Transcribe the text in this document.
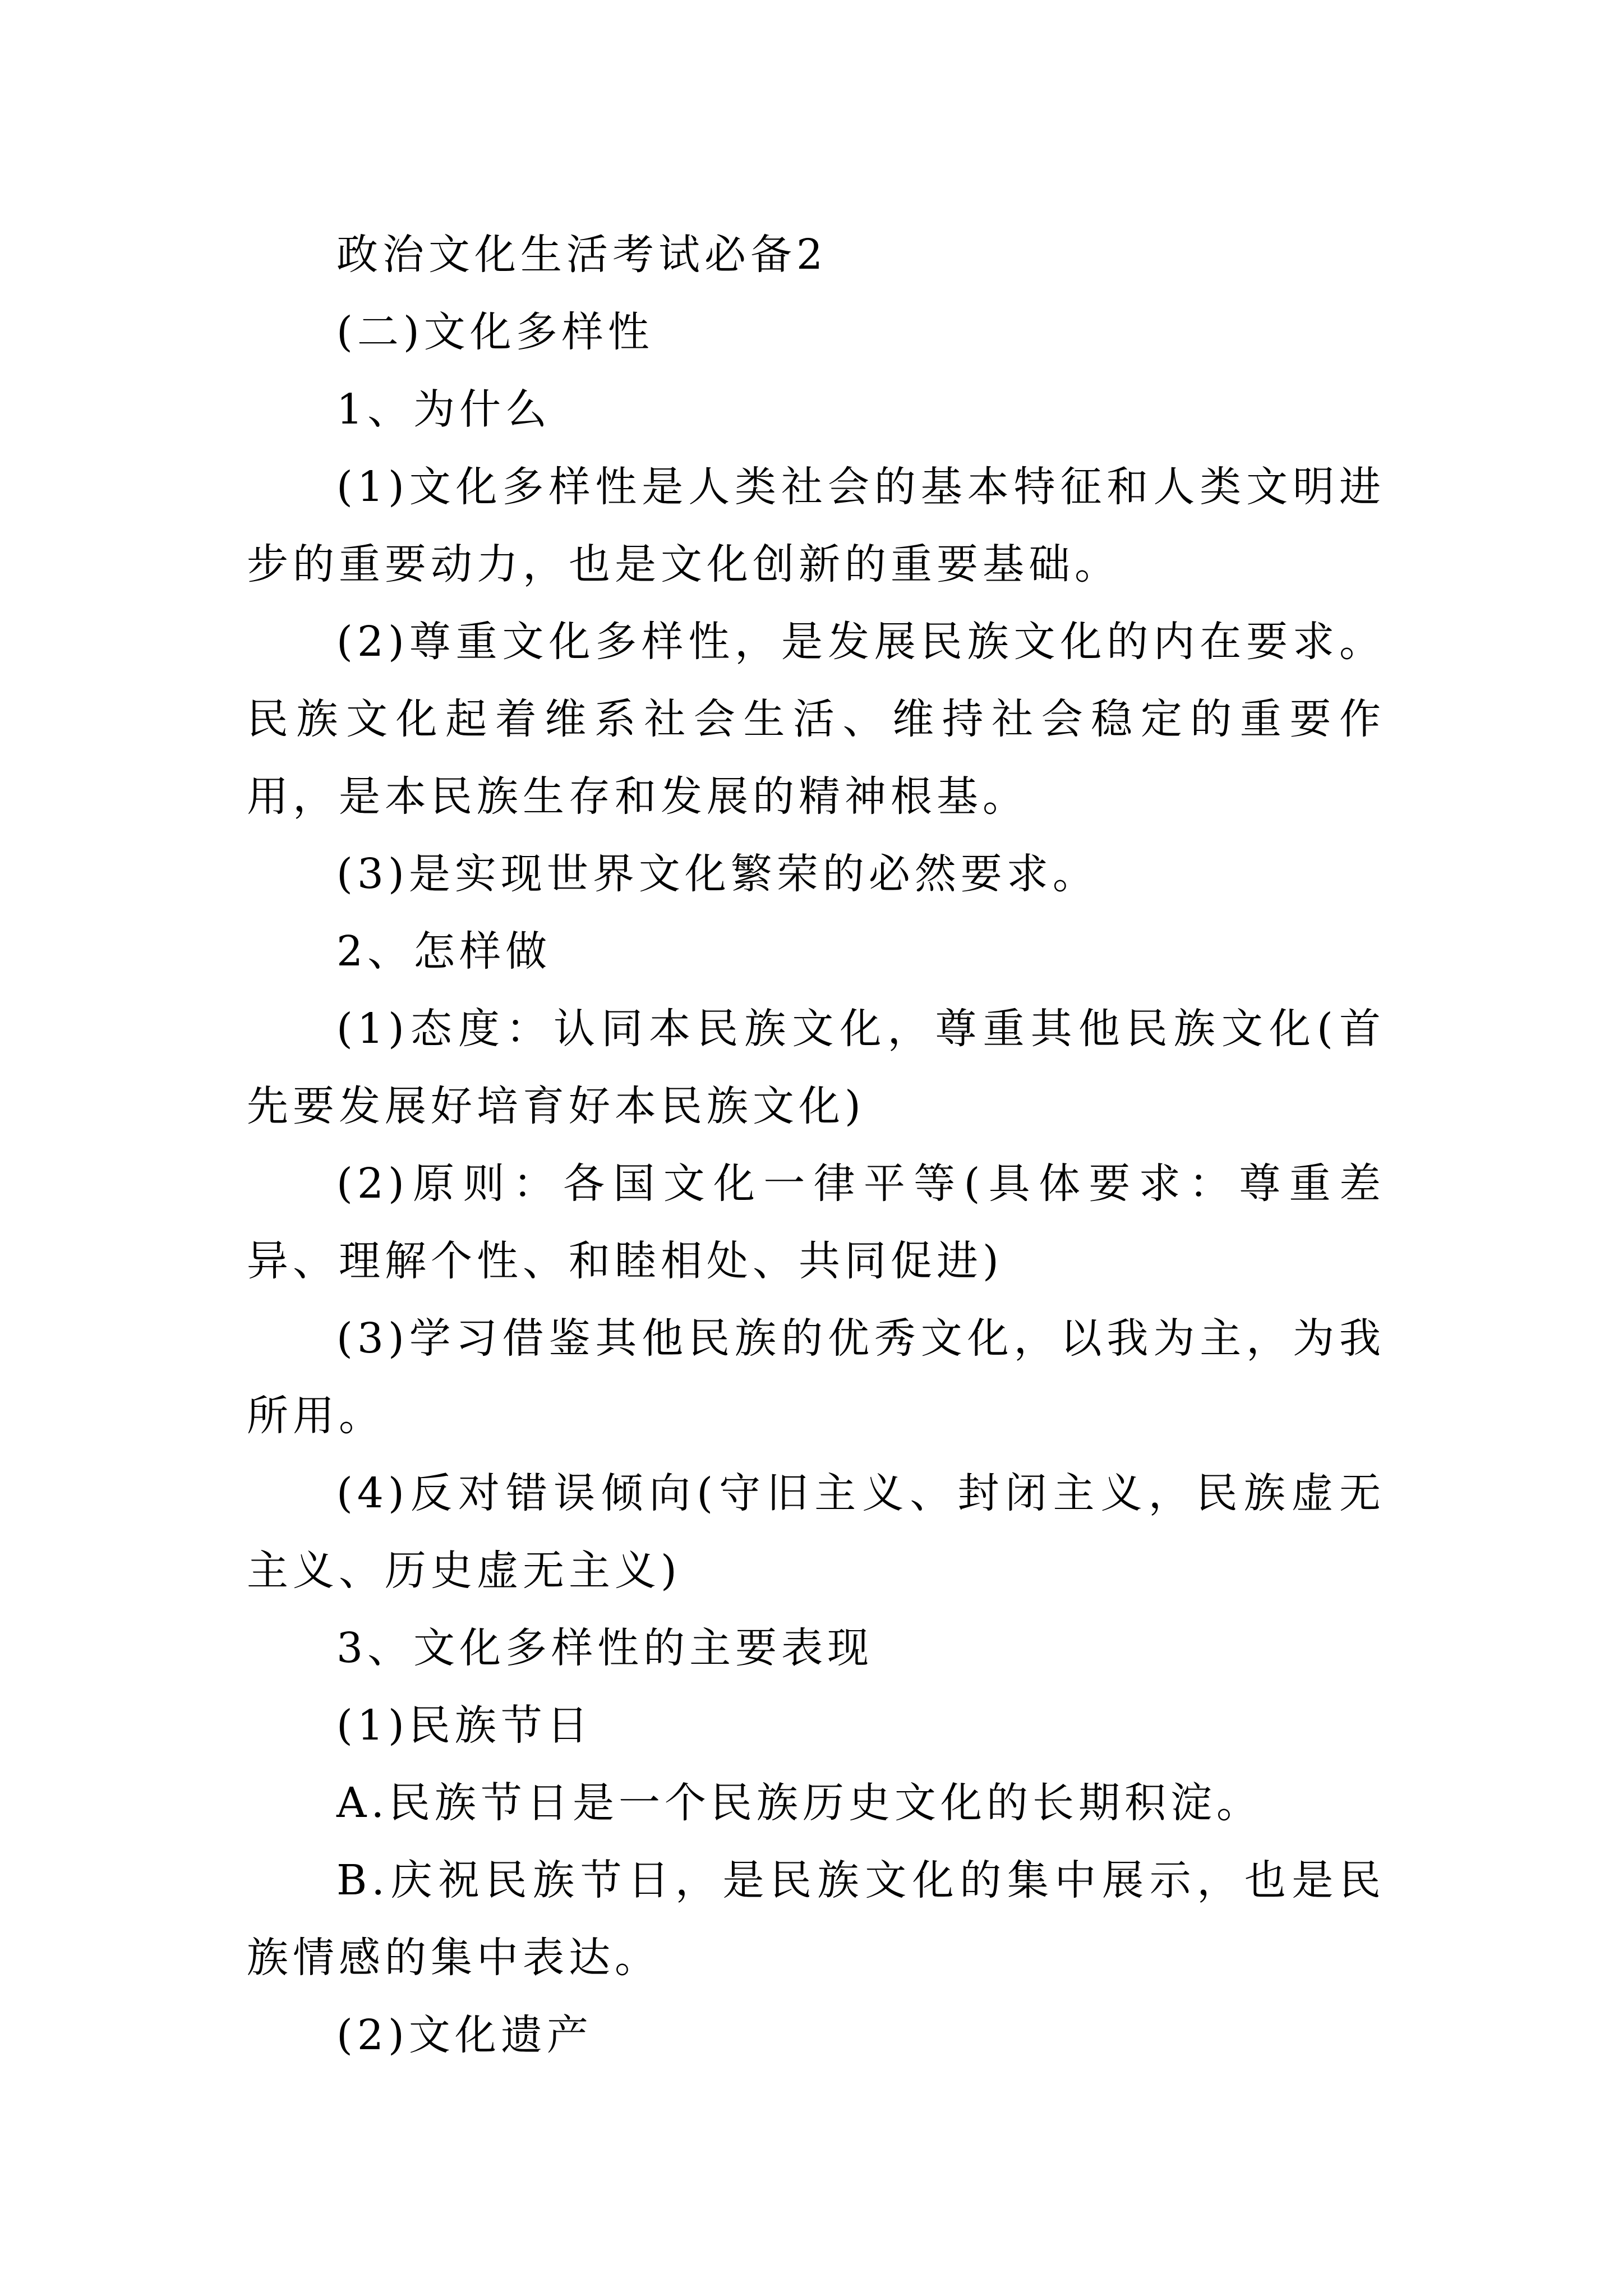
政治文化生活考试必备2

(二)文化多样性

1、为什么

(1)文化多样性是人类社会的基本特征和人类文明进步的重要动力，也是文化创新的重要基础。

(2)尊重文化多样性，是发展民族文化的内在要求。民族文化起着维系社会生活、维持社会稳定的重要作用，是本民族生存和发展的精神根基。

(3)是实现世界文化繁荣的必然要求。

2、怎样做

(1)态度：认同本民族文化，尊重其他民族文化(首先要发展好培育好本民族文化)

(2)原则：各国文化一律平等(具体要求：尊重差异、理解个性、和睦相处、共同促进)

(3)学习借鉴其他民族的优秀文化，以我为主，为我所用。

(4)反对错误倾向(守旧主义、封闭主义，民族虚无主义、历史虚无主义)

3、文化多样性的主要表现

(1)民族节日

A.民族节日是一个民族历史文化的长期积淀。

B.庆祝民族节日，是民族文化的集中展示，也是民族情感的集中表达。

(2)文化遗产
